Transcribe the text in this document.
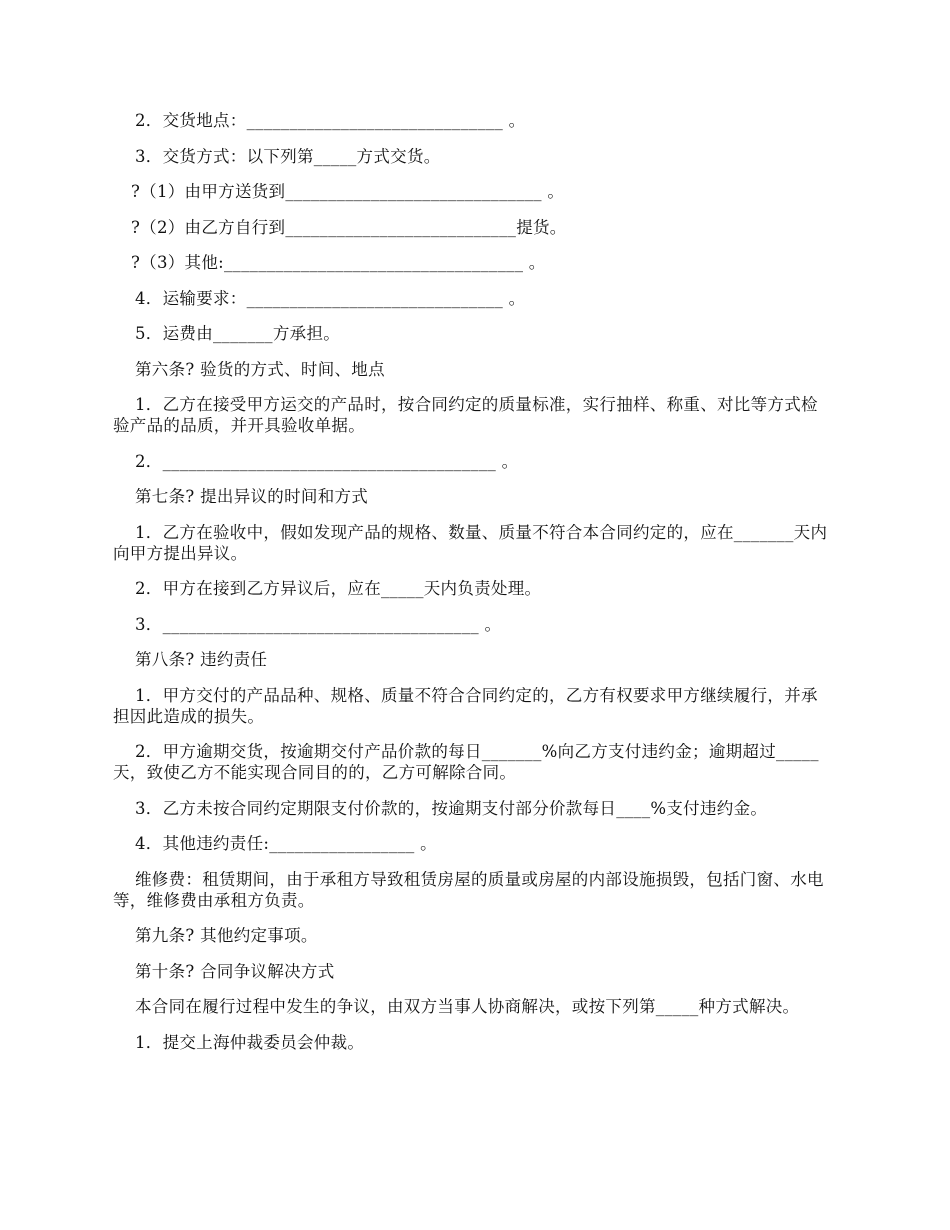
2．交货地点：______________________________ 。

3．交货方式：以下列第_____方式交货。

?（1）由甲方送货到______________________________ 。

?（2）由乙方自行到___________________________提货。

?（3）其他:___________________________________ 。

4．运输要求：______________________________ 。

5．运费由_______方承担。

第六条? 验货的方式、时间、地点

1．乙方在接受甲方运交的产品时，按合同约定的质量标准，实行抽样、称重、对比等方式检验产品的品质，并开具验收单据。

2．_______________________________________ 。

第七条? 提出异议的时间和方式

1．乙方在验收中，假如发现产品的规格、数量、质量不符合本合同约定的，应在_______天内向甲方提出异议。

2．甲方在接到乙方异议后，应在_____天内负责处理。

3．_____________________________________ 。

第八条? 违约责任

1．甲方交付的产品品种、规格、质量不符合合同约定的，乙方有权要求甲方继续履行，并承担因此造成的损失。

2．甲方逾期交货，按逾期交付产品价款的每日_______%向乙方支付违约金；逾期超过_____天，致使乙方不能实现合同目的的，乙方可解除合同。

3．乙方未按合同约定期限支付价款的，按逾期支付部分价款每日____%支付违约金。

4．其他违约责任:_________________ 。

维修费：租赁期间，由于承租方导致租赁房屋的质量或房屋的内部设施损毁，包括门窗、水电等，维修费由承租方负责。

第九条? 其他约定事项。

第十条? 合同争议解决方式

本合同在履行过程中发生的争议，由双方当事人协商解决，或按下列第_____种方式解决。

1．提交上海仲裁委员会仲裁。
